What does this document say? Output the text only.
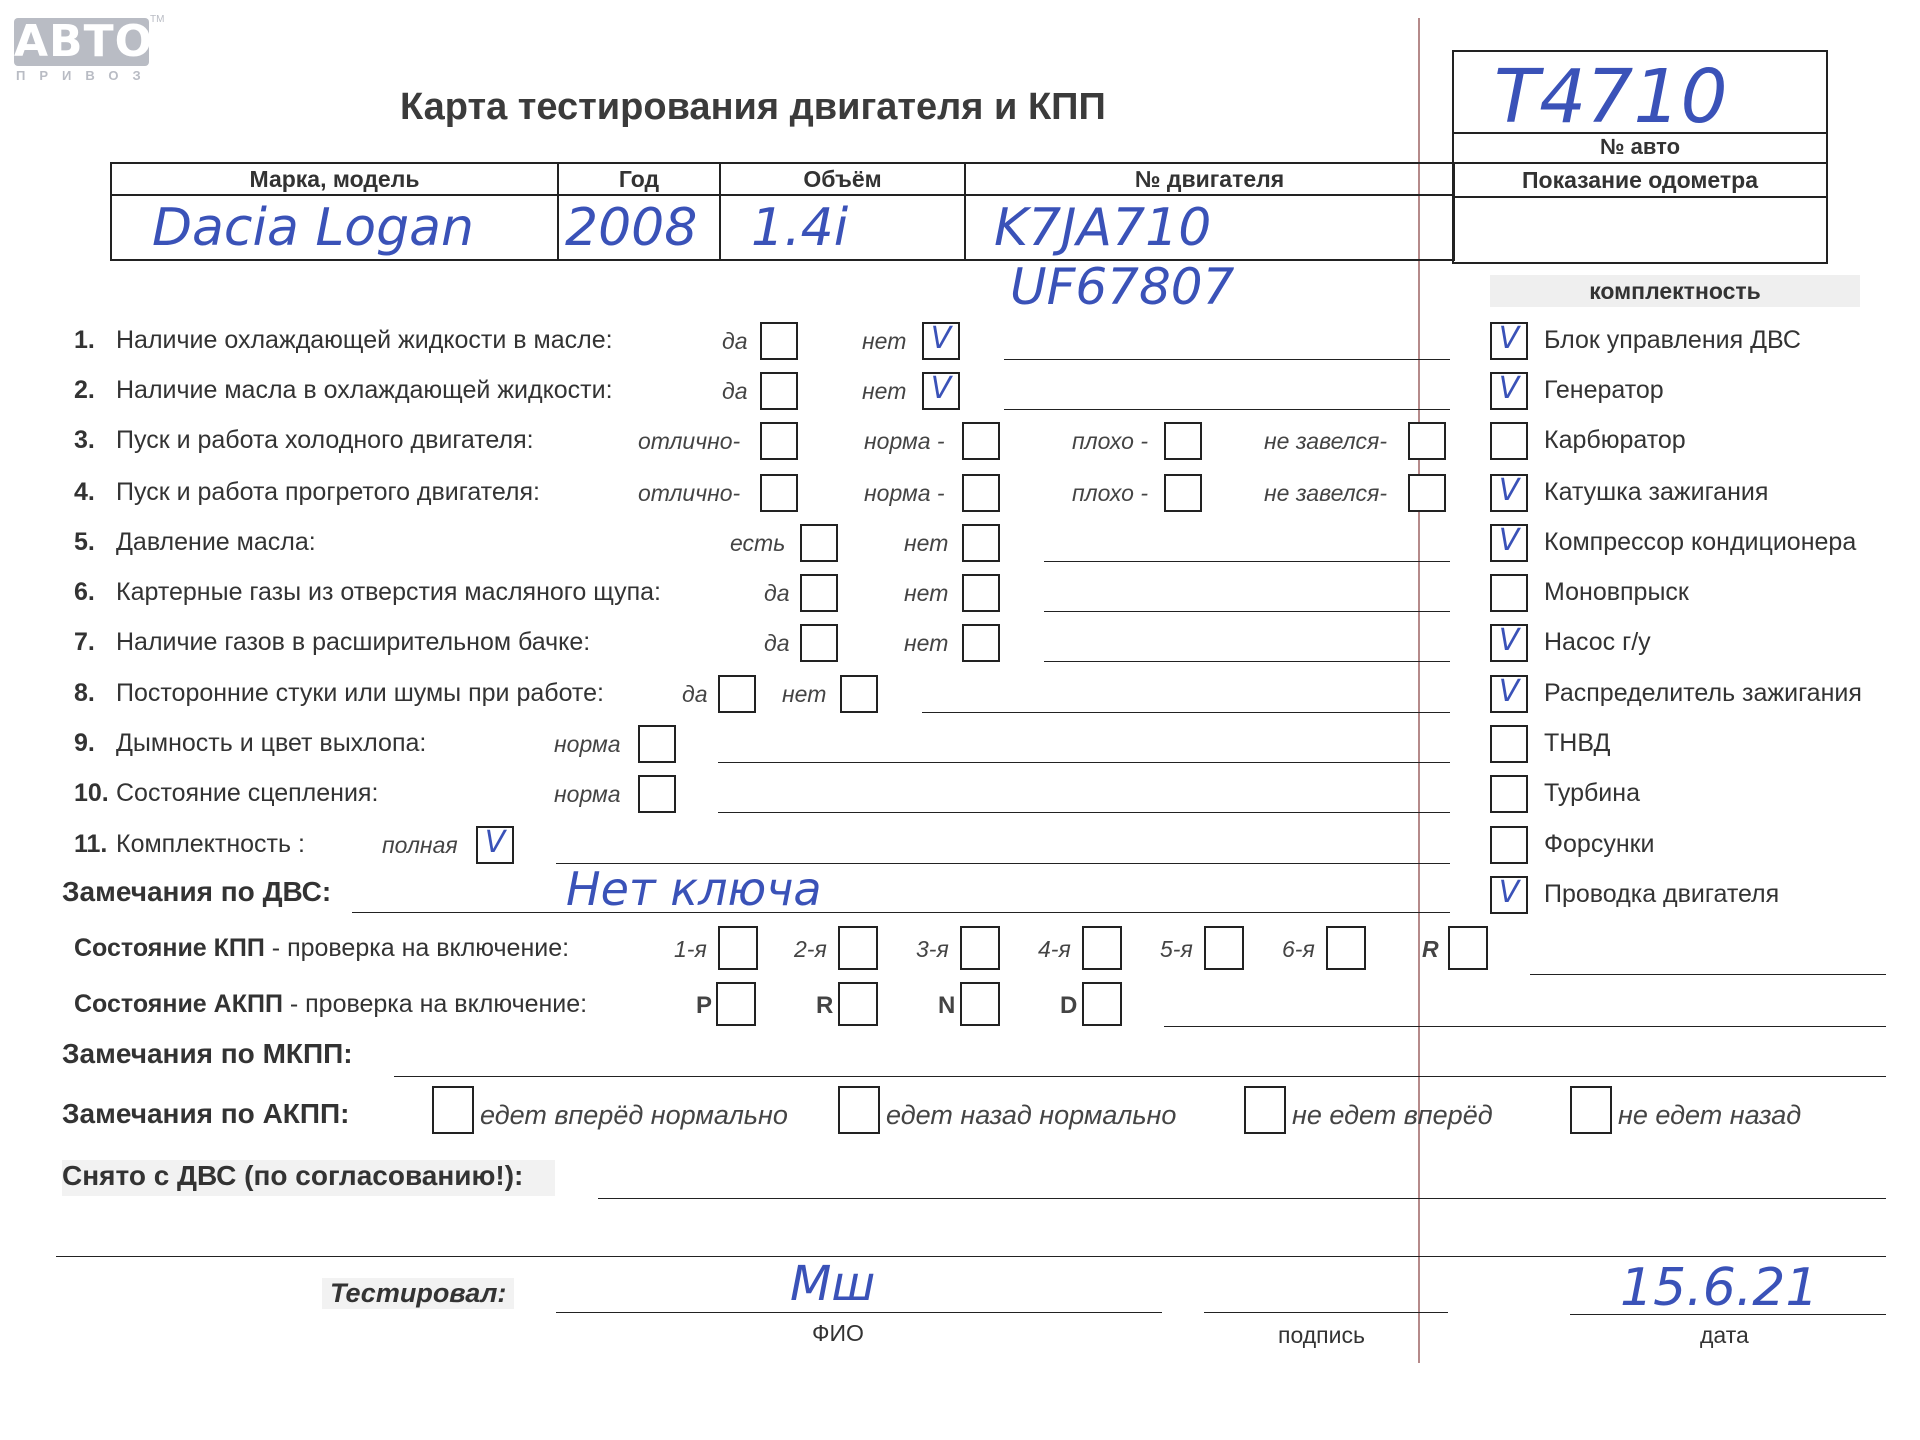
АВТО
TM
ПРИВОЗ
Карта тестирования двигателя и КПП	T4710
№ авто
Показание одометра
Марка, модель	Год	Объём	№ двигателя
Dacia Logan	2008	1.4i	K7JA710
UF67807	комплектность
V Блок управления ДВС
V Генератор
Карбюратор
V Катушка зажигания
V Компрессор кондиционера
Моновпрыск
V Насос г/у
V Распределитель зажигания
ТНВД
Турбина
Форсунки
V Проводка двигателя
1. Наличие охлаждающей жидкости в масле:	да	нет V
2. Наличие масла в охлаждающей жидкости:	да	нет V
3. Пуск и работа холодного двигателя:	отлично-	норма -	плохо -	не завелся-
4. Пуск и работа прогретого двигателя:	отлично-	норма -	плохо -	не завелся-
5. Давление масла:	есть	нет
6. Картерные газы из отверстия масляного щупа:	да	нет
7. Наличие газов в расширительном бачке:	да	нет
8. Посторонние стуки или шумы при работе:	да	нет
9. Дымность и цвет выхлопа:	норма
10. Состояние сцепления:	норма
11. Комплектность :	полная V
Замечания по ДВС:	Нет ключа
Состояние КПП - проверка на включение:	1-я	2-я	3-я	4-я	5-я	6-я	R
Состояние АКПП - проверка на включение:	P	R	N	D
Замечания по МКПП:
Замечания по АКПП:	едет вперёд нормально	едет назад нормально	не едет вперёд	не едет назад
Снято с ДВС (по согласованию!):
Тестировал:	Мш
ФИО	подпись
15.6.21
дата
